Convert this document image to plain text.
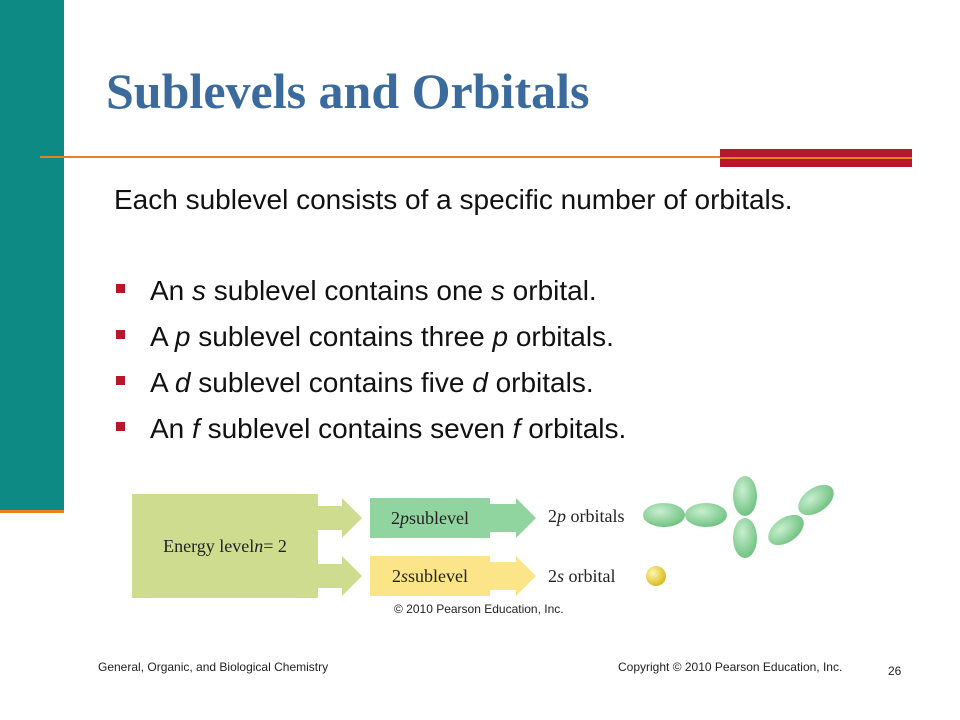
Sublevels and Orbitals

Each sublevel consists of a specific number of orbitals.

An s sublevel contains one s orbital.
A p sublevel contains three p orbitals.
A d sublevel contains five d orbitals.
An f sublevel contains seven f orbitals.
Energy level n = 2
2 p sublevel
2 s sublevel
2p orbitals
2s orbital
© 2010 Pearson Education, Inc.
General, Organic, and Biological Chemistry	Copyright © 2010 Pearson Education, Inc.	26
